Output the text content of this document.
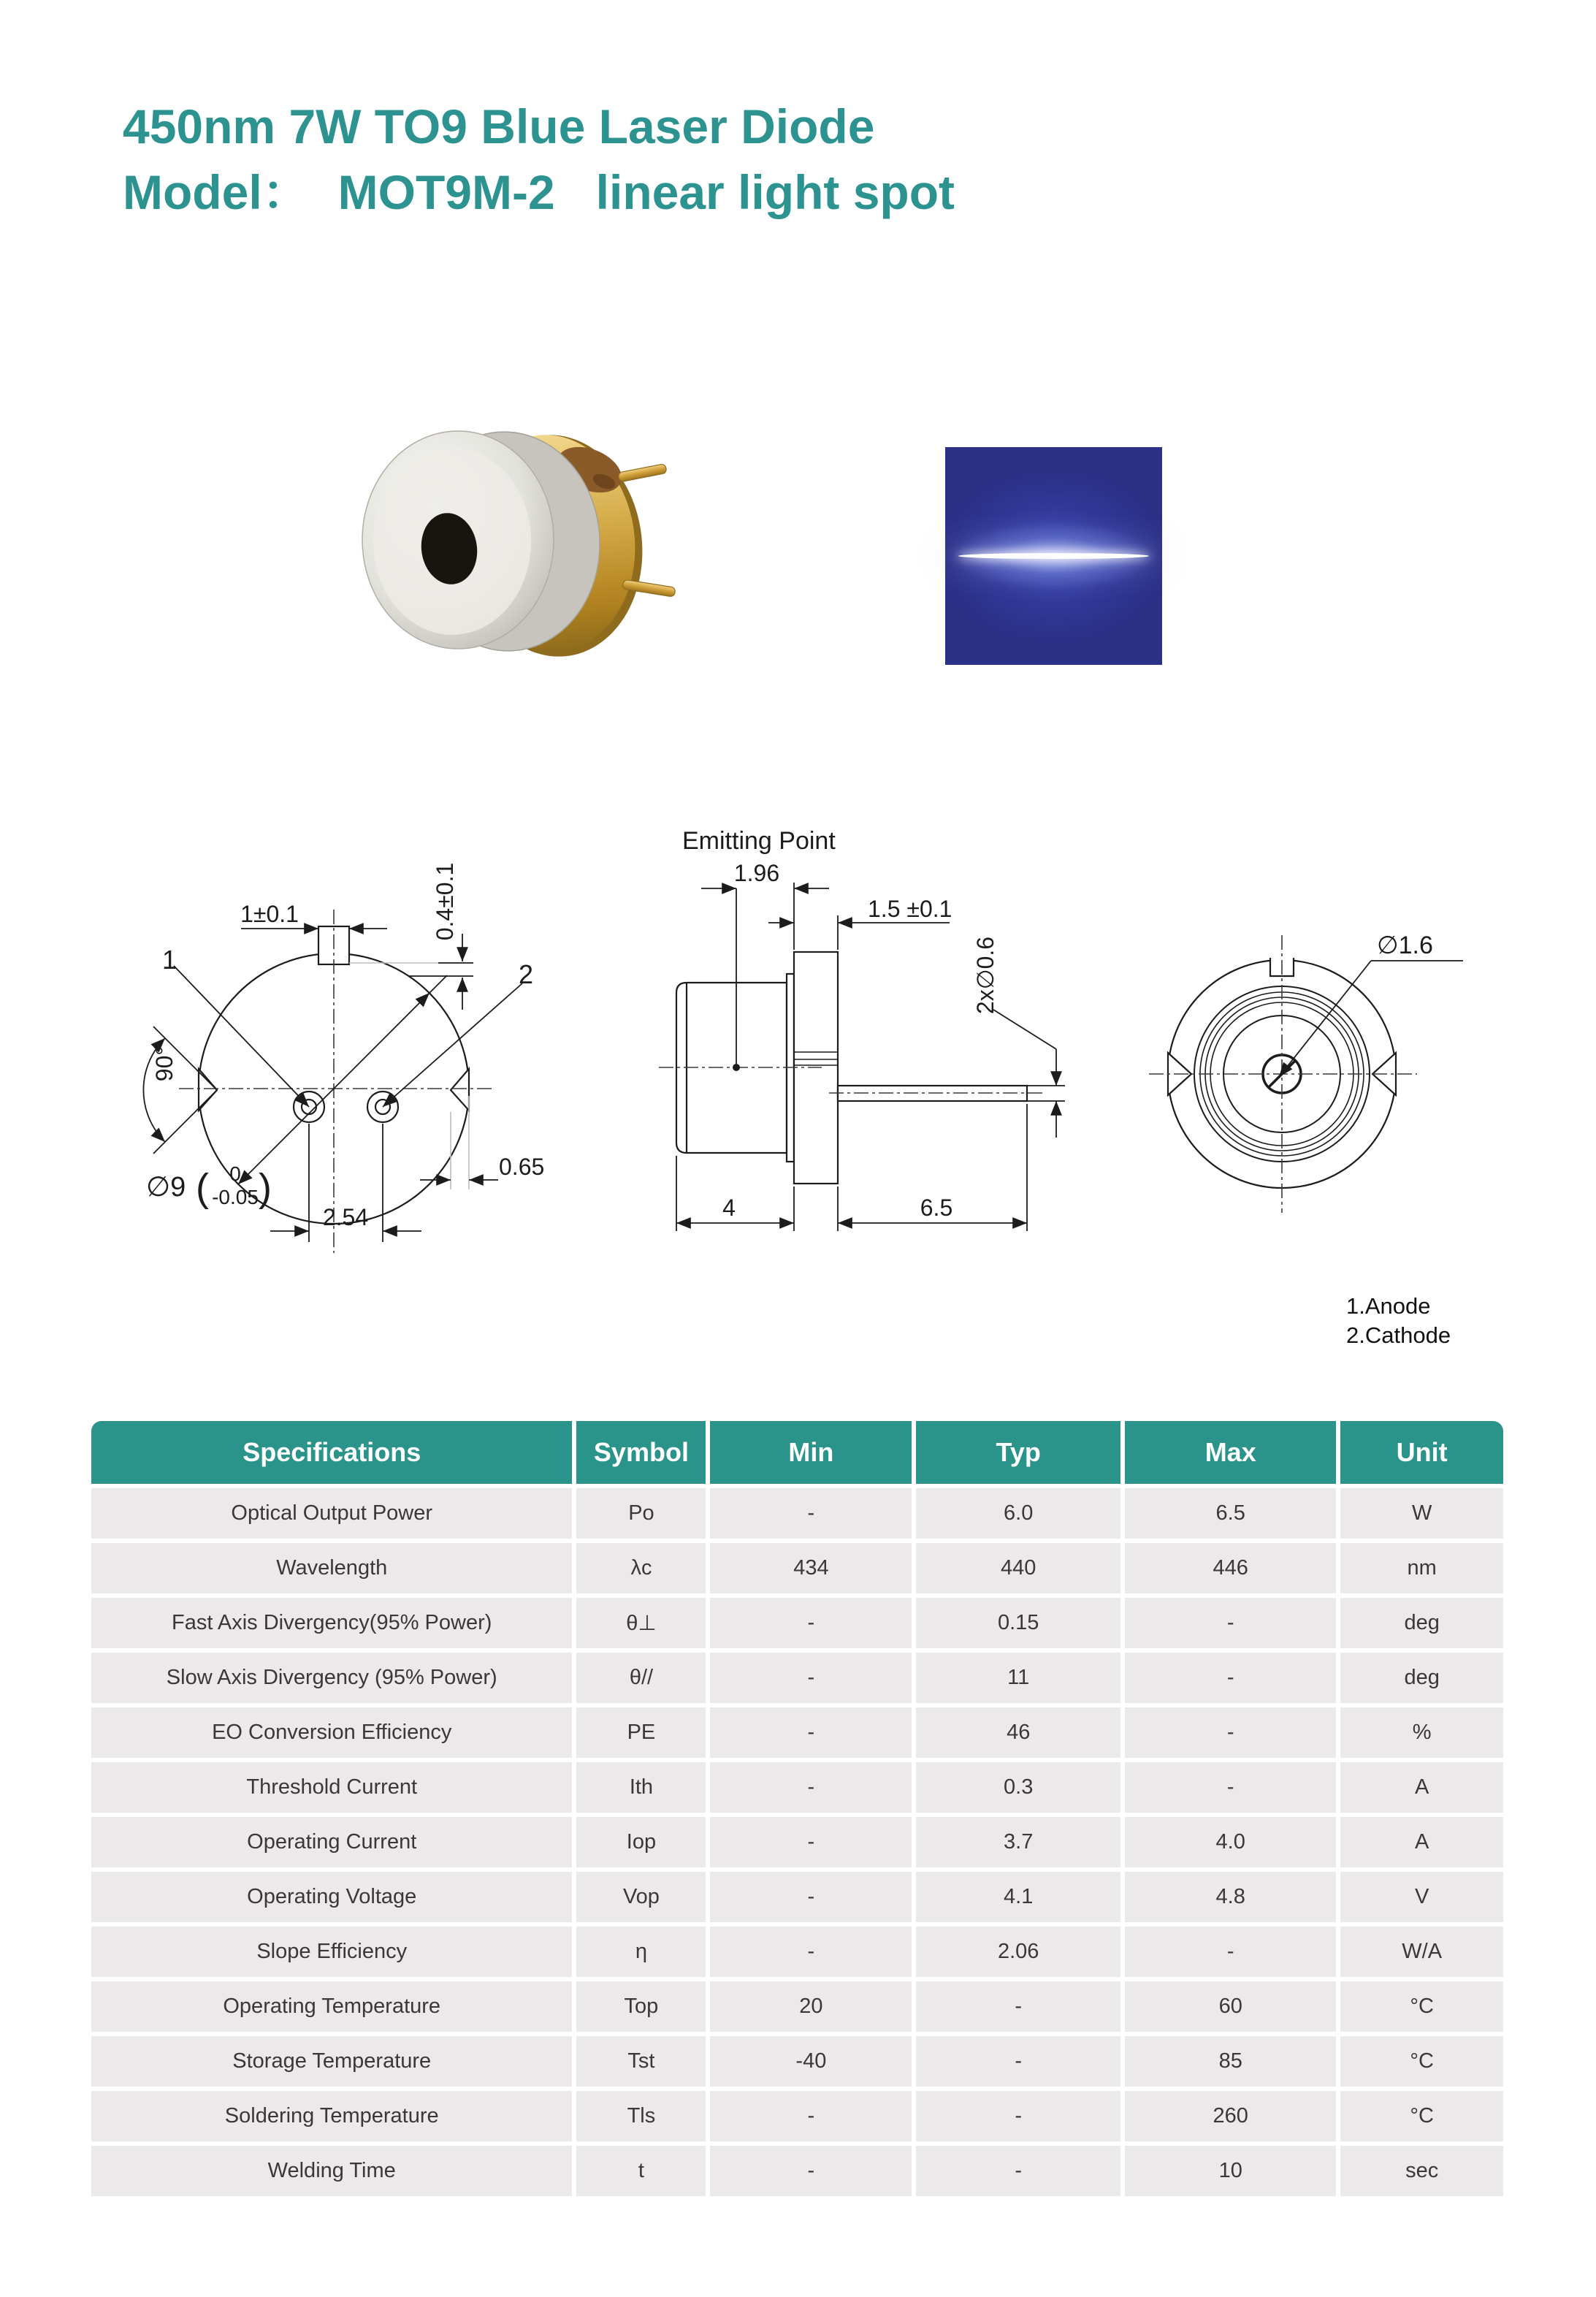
450nm 7W TO9 Blue Laser Diode
Model： MOT9M-2 linear light spot
1±0.1	0.4±0.1
90°
1	2
∅9 ( 0
-0.05 )	0.65
2.54
Emitting Point
1.96
1.5 ±0.1
2x∅0.6
4	6.5
∅1.6
1.Anode
2.Cathode
Specifications	Symbol	Min	Typ	Max	Unit
Optical Output Power	Po	-	6.0	6.5	W
Wavelength	λc	434	440	446	nm
Fast Axis Divergency(95% Power)	θ⊥	-	0.15	-	deg
Slow Axis Divergency (95% Power)	θ//	-	11	-	deg
EO Conversion Efficiency	PE	-	46	-	%
Threshold Current	Ith	-	0.3	-	A
Operating Current	Iop	-	3.7	4.0	A
Operating Voltage	Vop	-	4.1	4.8	V
Slope Efficiency	η	-	2.06	-	W/A
Operating Temperature	Top	20	-	60	°C
Storage Temperature	Tst	-40	-	85	°C
Soldering Temperature	Tls	-	-	260	°C
Welding Time	t	-	-	10	sec
